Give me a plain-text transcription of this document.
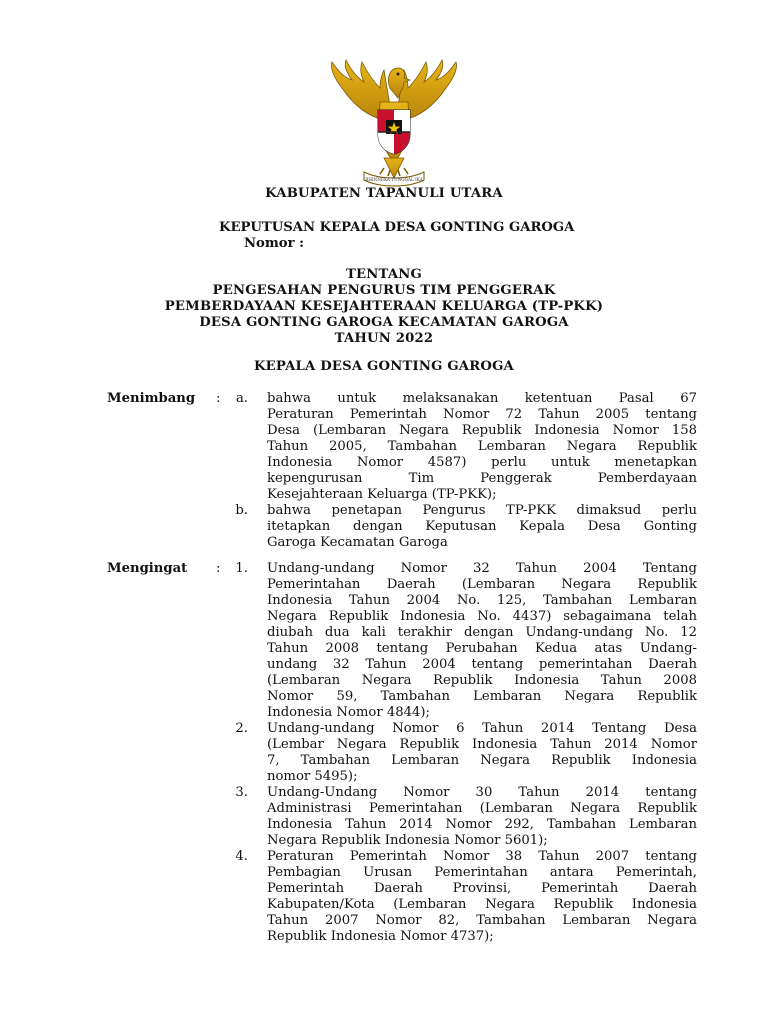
BHINNEKA TUNGGAL IKA
KABUPATEN TAPANULI UTARA
KEPUTUSAN KEPALA DESA GONTING GAROGA
Nomor :
TENTANG
PENGESAHAN PENGURUS TIM PENGGERAK
PEMBERDAYAAN KESEJAHTERAAN KELUARGA (TP-PKK)
DESA GONTING GAROGA KECAMATAN GAROGA
TAHUN 2022
KEPALA DESA GONTING GAROGA
Menimbang :	a. bahwa untuk melaksanakan ketentuan Pasal 67
Peraturan Pemerintah Nomor 72 Tahun 2005 tentang
Desa (Lembaran Negara Republik Indonesia Nomor 158
Tahun 2005, Tambahan Lembaran Negara Republik
Indonesia Nomor 4587) perlu untuk menetapkan
kepengurusan Tim Penggerak Pemberdayaan
Kesejahteraan Keluarga (TP-PKK);
b. bahwa penetapan Pengurus TP-PKK dimaksud perlu
itetapkan dengan Keputusan Kepala Desa Gonting
Garoga Kecamatan Garoga
Mengingat :	1. Undang-undang Nomor 32 Tahun 2004 Tentang
Pemerintahan Daerah (Lembaran Negara Republik
Indonesia Tahun 2004 No. 125, Tambahan Lembaran
Negara Republik Indonesia No. 4437) sebagaimana telah
diubah dua kali terakhir dengan Undang-undang No. 12
Tahun 2008 tentang Perubahan Kedua atas Undang-
undang 32 Tahun 2004 tentang pemerintahan Daerah
(Lembaran Negara Republik Indonesia Tahun 2008
Nomor 59, Tambahan Lembaran Negara Republik
Indonesia Nomor 4844);
2. Undang-undang Nomor 6 Tahun 2014 Tentang Desa
(Lembar Negara Republik Indonesia Tahun 2014 Nomor
7, Tambahan Lembaran Negara Republik Indonesia
nomor 5495);
3. Undang-Undang Nomor 30 Tahun 2014 tentang
Administrasi Pemerintahan (Lembaran Negara Republik
Indonesia Tahun 2014 Nomor 292, Tambahan Lembaran
Negara Republik Indonesia Nomor 5601);
4. Peraturan Pemerintah Nomor 38 Tahun 2007 tentang
Pembagian Urusan Pemerintahan antara Pemerintah,
Pemerintah Daerah Provinsi, Pemerintah Daerah
Kabupaten/Kota (Lembaran Negara Republik Indonesia
Tahun 2007 Nomor 82, Tambahan Lembaran Negara
Republik Indonesia Nomor 4737);
